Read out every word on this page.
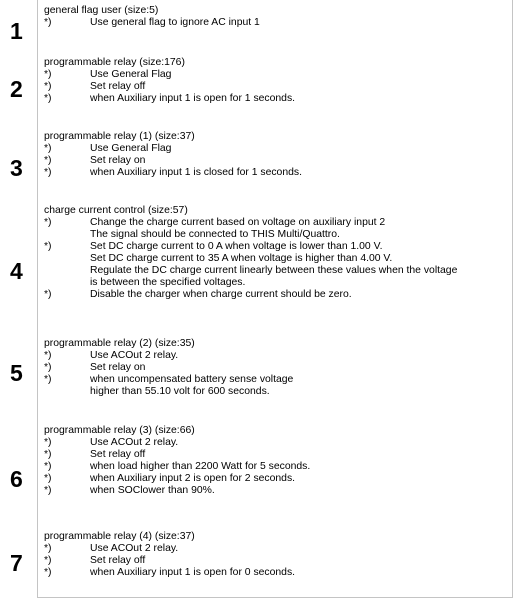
1
general flag user (size:5)
*)	Use general flag to ignore AC input 1
2
programmable relay (size:176)
*)	Use General Flag
*)	Set relay off
*)	when Auxiliary input 1 is open for 1 seconds.
3
programmable relay (1) (size:37)
*)	Use General Flag
*)	Set relay on
*)	when Auxiliary input 1 is closed for 1 seconds.
4
charge current control (size:57)
*)	Change the charge current based on voltage on auxiliary input 2
The signal should be connected to THIS Multi/Quattro.
*)	Set DC charge current to 0 A when voltage is lower than 1.00 V.
Set DC charge current to 35 A when voltage is higher than 4.00 V.
Regulate the DC charge current linearly between these values when the voltage
is between the specified voltages.
*)	Disable the charger when charge current should be zero.
5
programmable relay (2) (size:35)
*)	Use ACOut 2 relay.
*)	Set relay on
*)	when uncompensated battery sense voltage
higher than 55.10 volt for 600 seconds.
6
programmable relay (3) (size:66)
*)	Use ACOut 2 relay.
*)	Set relay off
*)	when load higher than 2200 Watt for 5 seconds.
*)	when Auxiliary input 2 is open for 2 seconds.
*)	when SOClower than 90%.
7
programmable relay (4) (size:37)
*)	Use ACOut 2 relay.
*)	Set relay off
*)	when Auxiliary input 1 is open for 0 seconds.
